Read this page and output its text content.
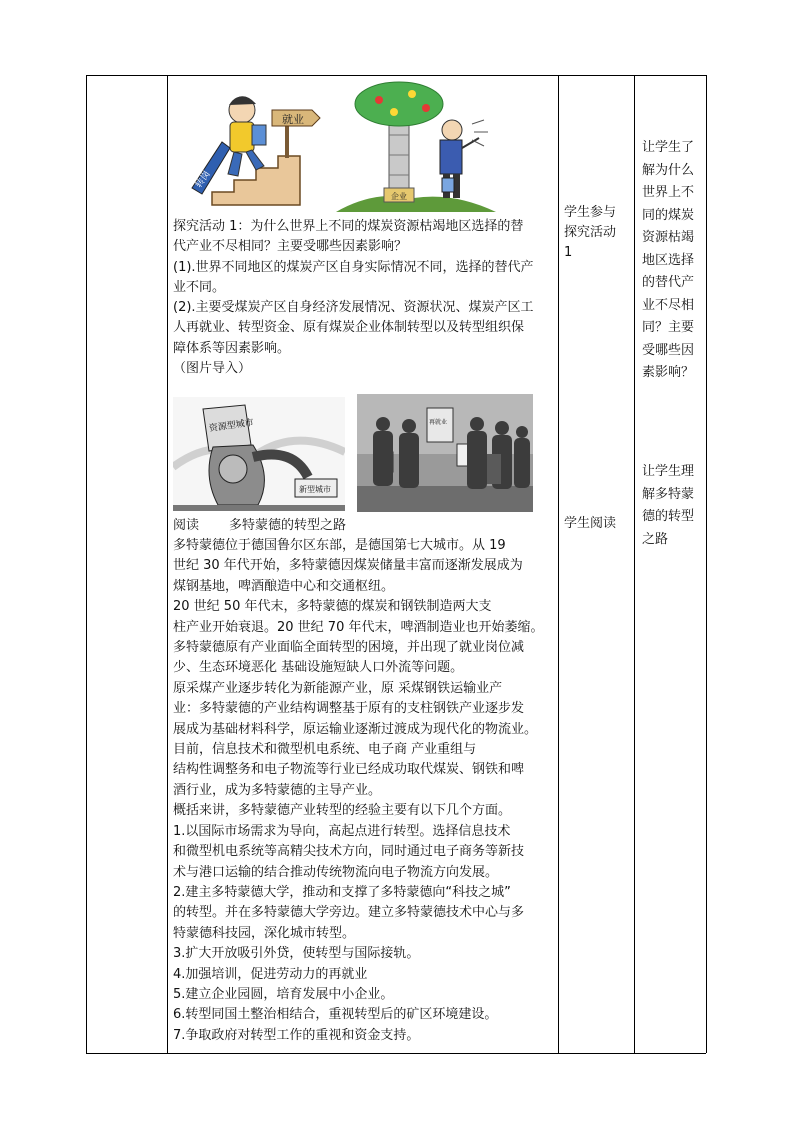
就业
转岗
企业
探究活动 1：为什么世界上不同的煤炭资源枯竭地区选择的替
代产业不尽相同？主要受哪些因素影响？
(1).世界不同地区的煤炭产区自身实际情况不同，选择的替代产
业不同。
(2).主要受煤炭产区自身经济发展情况、资源状况、煤炭产区工
人再就业、转型资金、原有煤炭企业体制转型以及转型组织保
障体系等因素影响。
（图片导入）
资源型城市
新型城市
再就业
阅读 多特蒙德的转型之路
多特蒙德位于德国鲁尔区东部，是德国第七大城市。从 19
世纪 30 年代开始，多特蒙德因煤炭储量丰富而逐渐发展成为
煤钢基地，啤酒酿造中心和交通枢纽。
20 世纪 50 年代末，多特蒙德的煤炭和钢铁制造两大支
柱产业开始衰退。20 世纪 70 年代末，啤酒制造业也开始萎缩。
多特蒙德原有产业面临全面转型的困境，并出现了就业岗位减
少、生态环境恶化 基础设施短缺人口外流等问题。
原采煤产业逐步转化为新能源产业，原 采煤钢铁运输业产
业：多特蒙德的产业结构调整基于原有的支柱钢铁产业逐步发
展成为基础材料科学，原运输业逐渐过渡成为现代化的物流业。
目前，信息技术和微型机电系统、电子商 产业重组与
结构性调整务和电子物流等行业已经成功取代煤炭、钢铁和啤
酒行业，成为多特蒙德的主导产业。
概括来讲，多特蒙德产业转型的经验主要有以下几个方面。
1.以国际市场需求为导向，高起点进行转型。选择信息技术
和微型机电系统等高精尖技术方向，同时通过电子商务等新技
术与港口运输的结合推动传统物流向电子物流方向发展。
2.建主多特蒙德大学，推动和支撑了多特蒙德向“科技之城”
的转型。并在多特蒙德大学旁边。建立多特蒙德技术中心与多
特蒙德科技园，深化城市转型。
3.扩大开放吸引外贷，使转型与国际接轨。
4.加强培训，促进劳动力的再就业
5.建立企业园圆，培育发展中小企业。
6.转型同国土整治相结合，重视转型后的矿区环境建设。
7.争取政府对转型工作的重视和资金支持。
学生参与
探究活动
1
学生阅读
让学生了
解为什么
世界上不
同的煤炭
资源枯竭
地区选择
的替代产
业不尽相
同？主要
受哪些因
素影响？
让学生理
解多特蒙
德的转型
之路
